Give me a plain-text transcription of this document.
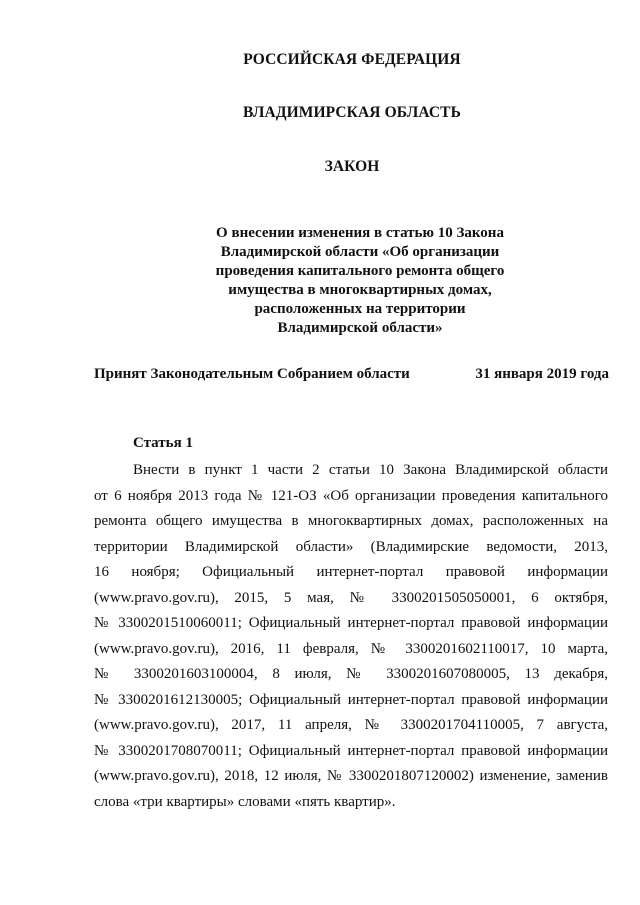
РОССИЙСКАЯ ФЕДЕРАЦИЯ
ВЛАДИМИРСКАЯ ОБЛАСТЬ
ЗАКОН
О внесении изменения в статью 10 Закона
Владимирской области «Об организации
проведения капитального ремонта общего
имущества в многоквартирных домах,
расположенных на территории
Владимирской области»
Принят Законодательным Собранием области	31 января 2019 года
Статья 1
Внести в пункт 1 части 2 статьи 10 Закона Владимирской области
от 6 ноября 2013 года № 121-ОЗ «Об организации проведения капитального
ремонта общего имущества в многоквартирных домах, расположенных на
территории Владимирской области» (Владимирские ведомости, 2013,
16 ноября; Официальный интернет-портал правовой информации
(www.pravo.gov.ru), 2015, 5 мая, № 3300201505050001, 6 октября,
№ 3300201510060011; Официальный интернет-портал правовой информации
(www.pravo.gov.ru), 2016, 11 февраля, № 3300201602110017, 10 марта,
№ 3300201603100004, 8 июля, № 3300201607080005, 13 декабря,
№ 3300201612130005; Официальный интернет-портал правовой информации
(www.pravo.gov.ru), 2017, 11 апреля, № 3300201704110005, 7 августа,
№ 3300201708070011; Официальный интернет-портал правовой информации
(www.pravo.gov.ru), 2018, 12 июля, № 3300201807120002) изменение, заменив
слова «три квартиры» словами «пять квартир».
